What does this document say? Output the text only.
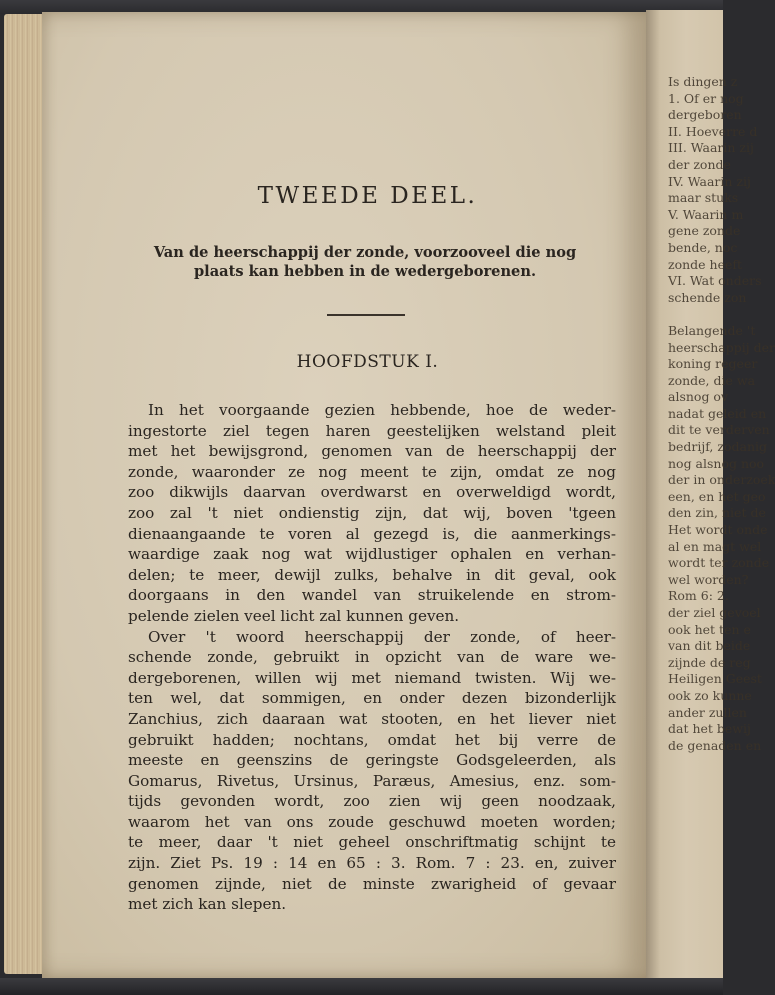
TWEEDE DEEL.
Van de heerschappij der zonde, voorzooveel die nog
plaats kan hebben in de wedergeborenen.
HOOFDSTUK I.
In het voorgaande gezien hebbende, hoe de weder-
ingestorte ziel tegen haren geestelijken welstand pleit
met het bewijsgrond, genomen van de heerschappij der
zonde, waaronder ze nog meent te zijn, omdat ze nog
zoo dikwijls daarvan overdwarst en overweldigd wordt,
zoo zal 't niet ondienstig zijn, dat wij, boven 'tgeen
dienaangaande te voren al gezegd is, die aanmerkings-
waardige zaak nog wat wijdlustiger ophalen en verhan-
delen; te meer, dewijl zulks, behalve in dit geval, ook
doorgaans in den wandel van struikelende en strom-
pelende zielen veel licht zal kunnen geven.
Over 't woord heerschappij der zonde, of heer-
schende zonde, gebruikt in opzicht van de ware we-
dergeborenen, willen wij met niemand twisten. Wij we-
ten wel, dat sommigen, en onder dezen bizonderlijk
Zanchius, zich daaraan wat stooten, en het liever niet
gebruikt hadden; nochtans, omdat het bij verre de
meeste en geenszins de geringste Godsgeleerden, als
Gomarus, Rivetus, Ursinus, Paræus, Amesius, enz. som-
tijds gevonden wordt, zoo zien wij geen noodzaak,
waarom het van ons zoude geschuwd moeten worden;
te meer, daar 't niet geheel onschriftmatig schijnt te
zijn. Ziet Ps. 19 : 14 en 65 : 3. Rom. 7 : 23. en, zuiver
genomen zijnde, niet de minste zwarigheid of gevaar
met zich kan slepen.
Is dingen z
1. Of er nog
dergeboren
II. Hoeverre d
III. Waarin zij
der zonde
IV. Waarin zij
maar stuks
V. Waarin m
gene zonde
bende, noc
zonde heeft
VI. Wat onders
schende zon

Belangende 't
heerschappij der
koning regeer
zonde, die wa
alsnog ov
nadat geleid en
dit te verderven
bedrijf, zodanig
nog alsnog noo
der in onderzoek
een, en het geo
den zin, niet de
Het wordt onde
al en magt wel
wordt ter zonde
wel worden?
Rom 6: 2.
der ziel gevoel
ook het ten e
van dit beide
zijnde de reg
Heiligen Geest
ook zo kunne
ander zullen
dat het bewij
de genaden en
